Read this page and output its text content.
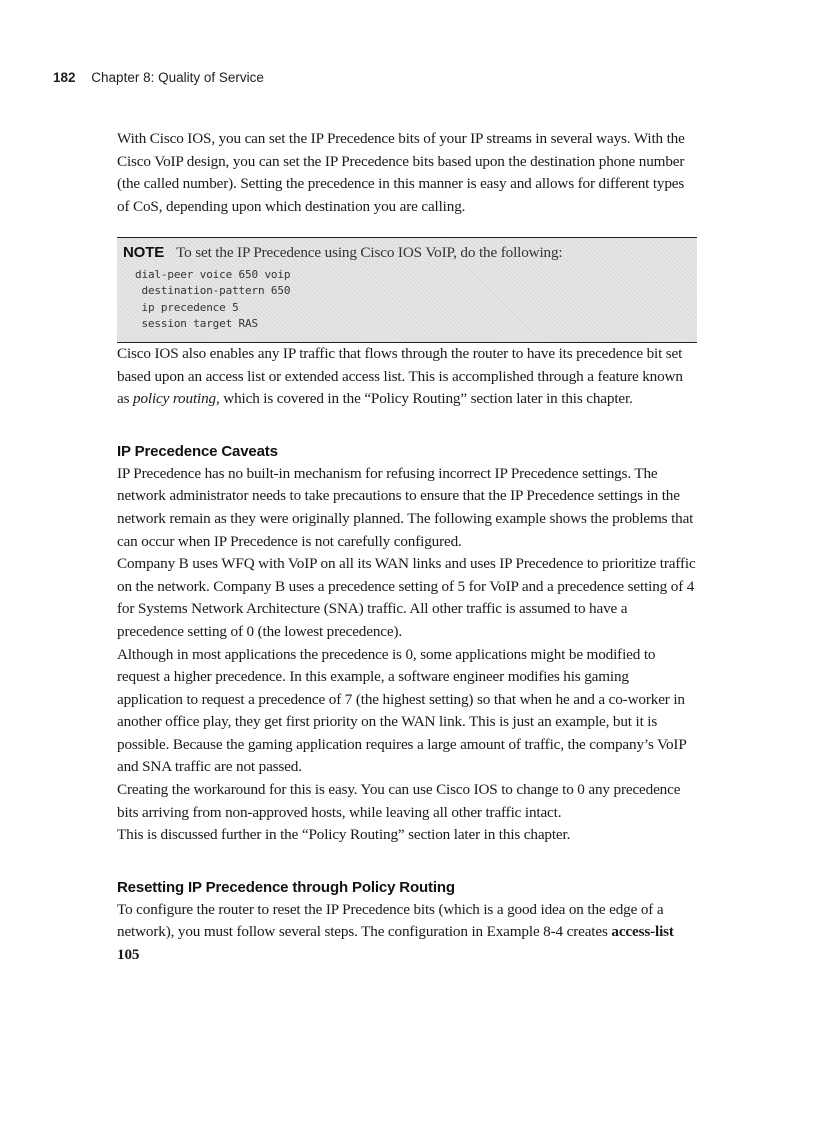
182 Chapter 8: Quality of Service

With Cisco IOS, you can set the IP Precedence bits of your IP streams in several ways. With the Cisco VoIP design, you can set the IP Precedence bits based upon the destination phone number (the called number). Setting the precedence in this manner is easy and allows for different types of CoS, depending upon which destination you are calling.

NOTE To set the IP Precedence using Cisco IOS VoIP, do the following:
dial-peer voice 650 voip
destination-pattern 650
ip precedence 5
session target RAS

Cisco IOS also enables any IP traffic that flows through the router to have its precedence bit set based upon an access list or extended access list. This is accomplished through a feature known as policy routing, which is covered in the “Policy Routing” section later in this chapter.

IP Precedence Caveats

IP Precedence has no built-in mechanism for refusing incorrect IP Precedence settings. The network administrator needs to take precautions to ensure that the IP Precedence settings in the network remain as they were originally planned. The following example shows the problems that can occur when IP Precedence is not carefully configured.

Company B uses WFQ with VoIP on all its WAN links and uses IP Precedence to prioritize traffic on the network. Company B uses a precedence setting of 5 for VoIP and a precedence setting of 4 for Systems Network Architecture (SNA) traffic. All other traffic is assumed to have a precedence setting of 0 (the lowest precedence).

Although in most applications the precedence is 0, some applications might be modified to request a higher precedence. In this example, a software engineer modifies his gaming application to request a precedence of 7 (the highest setting) so that when he and a co-worker in another office play, they get first priority on the WAN link. This is just an example, but it is possible. Because the gaming application requires a large amount of traffic, the company’s VoIP and SNA traffic are not passed.

Creating the workaround for this is easy. You can use Cisco IOS to change to 0 any precedence bits arriving from non-approved hosts, while leaving all other traffic intact.
This is discussed further in the “Policy Routing” section later in this chapter.

Resetting IP Precedence through Policy Routing

To configure the router to reset the IP Precedence bits (which is a good idea on the edge of a network), you must follow several steps. The configuration in Example 8-4 creates access-list 105
